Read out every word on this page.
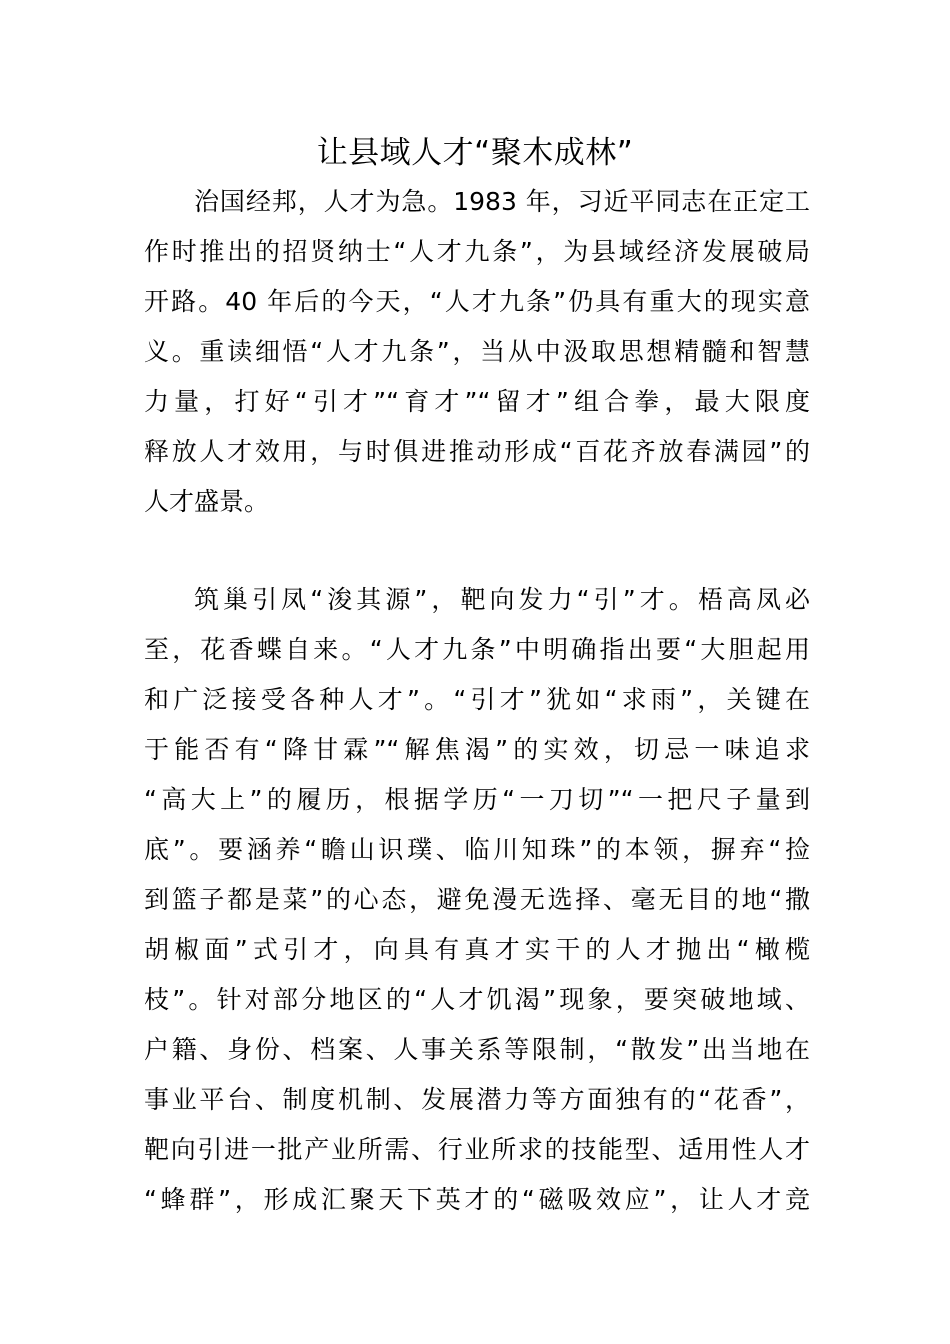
让县域人才“聚木成林”
治国经邦，人才为急。1983 年，习近平同志在正定工
作时推出的招贤纳士“人才九条”，为县域经济发展破局
开路。40 年后的今天，“人才九条”仍具有重大的现实意
义。重读细悟“人才九条”，当从中汲取思想精髓和智慧
力量，打好“引才”“育才”“留才”组合拳，最大限度
释放人才效用，与时俱进推动形成“百花齐放春满园”的
人才盛景。
筑巢引凤“浚其源”，靶向发力“引”才。梧高凤必
至，花香蝶自来。“人才九条”中明确指出要“大胆起用
和广泛接受各种人才”。“引才”犹如“求雨”，关键在
于能否有“降甘霖”“解焦渴”的实效，切忌一味追求
“高大上”的履历，根据学历“一刀切”“一把尺子量到
底”。要涵养“瞻山识璞、临川知珠”的本领，摒弃“捡
到篮子都是菜”的心态，避免漫无选择、毫无目的地“撒
胡椒面”式引才，向具有真才实干的人才抛出“橄榄
枝”。针对部分地区的“人才饥渴”现象，要突破地域、
户籍、身份、档案、人事关系等限制，“散发”出当地在
事业平台、制度机制、发展潜力等方面独有的“花香”，
靶向引进一批产业所需、行业所求的技能型、适用性人才
“蜂群”，形成汇聚天下英才的“磁吸效应”，让人才竞
